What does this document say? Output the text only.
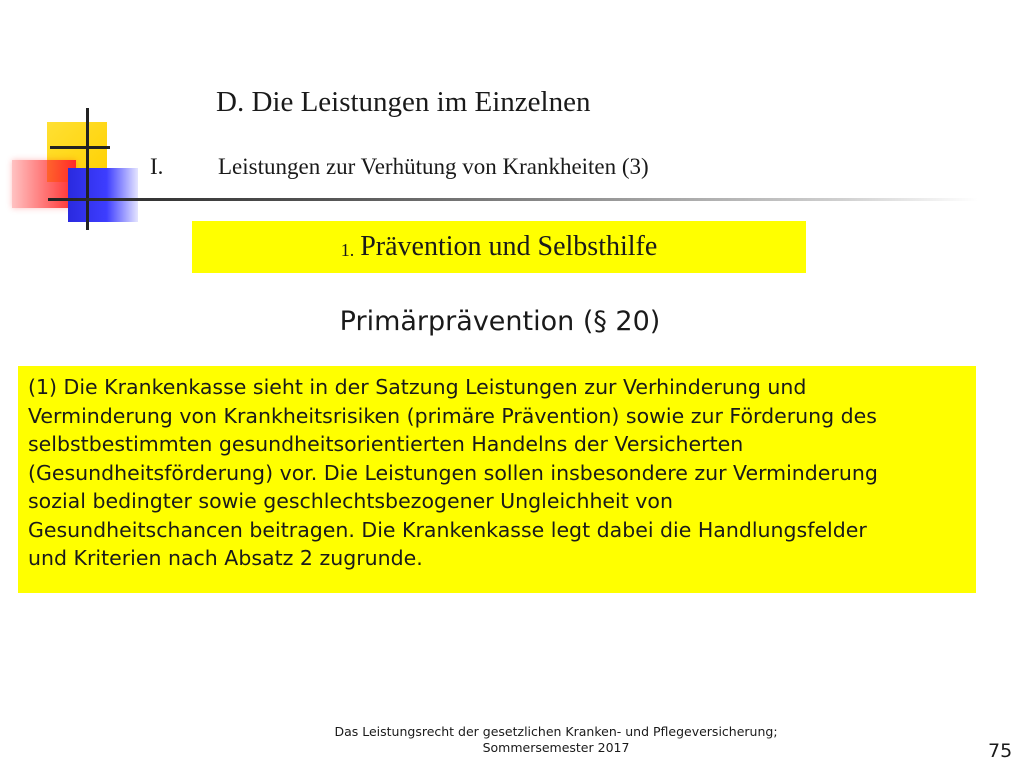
D. Die Leistungen im Einzelnen
I. Leistungen zur Verhütung von Krankheiten (3)
1. Prävention und Selbsthilfe
Primärprävention (§ 20)
(1) Die Krankenkasse sieht in der Satzung Leistungen zur Verhinderung und
Verminderung von Krankheitsrisiken (primäre Prävention) sowie zur Förderung des
selbstbestimmten gesundheitsorientierten Handelns der Versicherten
(Gesundheitsförderung) vor. Die Leistungen sollen insbesondere zur Verminderung
sozial bedingter sowie geschlechtsbezogener Ungleichheit von
Gesundheitschancen beitragen. Die Krankenkasse legt dabei die Handlungsfelder
und Kriterien nach Absatz 2 zugrunde.
Das Leistungsrecht der gesetzlichen Kranken- und Pflegeversicherung;
Sommersemester 2017	75
